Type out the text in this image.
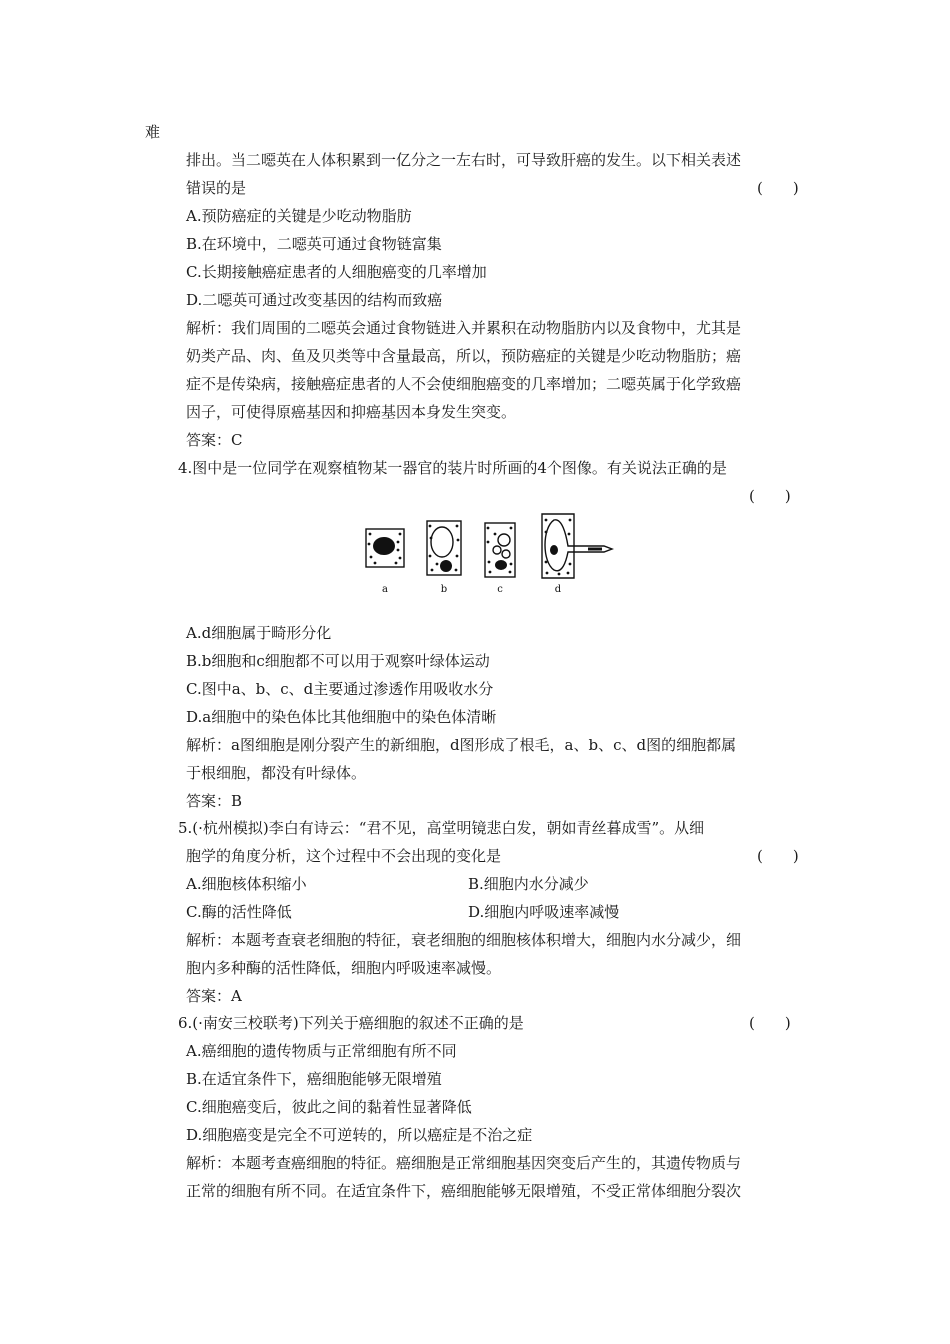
难
排出。当二噁英在人体积累到一亿分之一左右时，可导致肝癌的发生。以下相关表述
错误的是	(　　)
A.预防癌症的关键是少吃动物脂肪
B.在环境中，二噁英可通过食物链富集
C.长期接触癌症患者的人细胞癌变的几率增加
D.二噁英可通过改变基因的结构而致癌
解析：我们周围的二噁英会通过食物链进入并累积在动物脂肪内以及食物中，尤其是
奶类产品、肉、鱼及贝类等中含量最高，所以，预防癌症的关键是少吃动物脂肪；癌
症不是传染病，接触癌症患者的人不会使细胞癌变的几率增加；二噁英属于化学致癌
因子，可使得原癌基因和抑癌基因本身发生突变。
答案：C
4.图中是一位同学在观察植物某一器官的装片时所画的4个图像。有关说法正确的是
(　　)
a	b	c	d
A.d细胞属于畸形分化
B.b细胞和c细胞都不可以用于观察叶绿体运动
C.图中a、b、c、d主要通过渗透作用吸收水分
D.a细胞中的染色体比其他细胞中的染色体清晰
解析：a图细胞是刚分裂产生的新细胞，d图形成了根毛，a、b、c、d图的细胞都属
于根细胞，都没有叶绿体。
答案：B
5.(·杭州模拟)李白有诗云：“君不见，高堂明镜悲白发，朝如青丝暮成雪”。从细
胞学的角度分析，这个过程中不会出现的变化是	(　　)
A.细胞核体积缩小	B.细胞内水分减少
C.酶的活性降低	D.细胞内呼吸速率减慢
解析：本题考查衰老细胞的特征，衰老细胞的细胞核体积增大，细胞内水分减少，细
胞内多种酶的活性降低，细胞内呼吸速率减慢。
答案：A
6.(·南安三校联考)下列关于癌细胞的叙述不正确的是	(　　)
A.癌细胞的遗传物质与正常细胞有所不同
B.在适宜条件下，癌细胞能够无限增殖
C.细胞癌变后，彼此之间的黏着性显著降低
D.细胞癌变是完全不可逆转的，所以癌症是不治之症
解析：本题考查癌细胞的特征。癌细胞是正常细胞基因突变后产生的，其遗传物质与
正常的细胞有所不同。在适宜条件下，癌细胞能够无限增殖，不受正常体细胞分裂次
